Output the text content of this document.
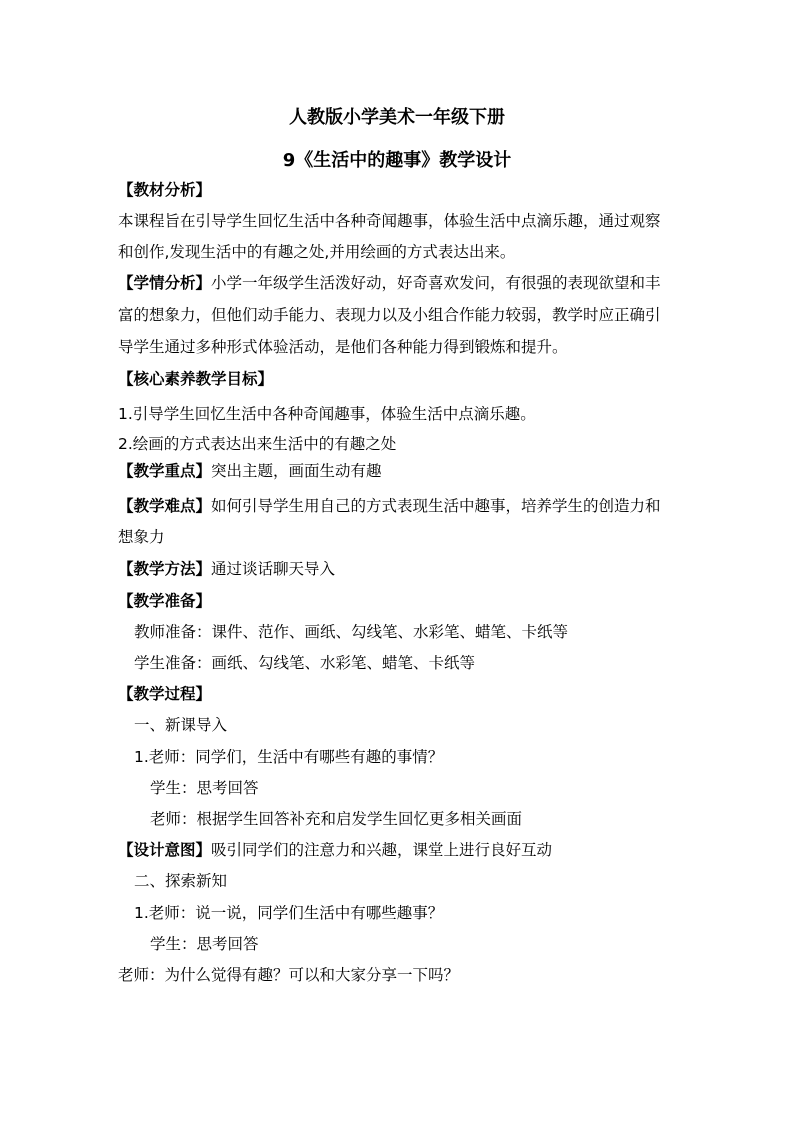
人教版小学美术一年级下册
9《生活中的趣事》教学设计
【教材分析】
本课程旨在引导学生回忆生活中各种奇闻趣事，体验生活中点滴乐趣，通过观察
和创作,发现生活中的有趣之处,并用绘画的方式表达出来。
【学情分析】小学一年级学生活泼好动，好奇喜欢发问，有很强的表现欲望和丰
富的想象力，但他们动手能力、表现力以及小组合作能力较弱，教学时应正确引
导学生通过多种形式体验活动，是他们各种能力得到锻炼和提升。
【核心素养教学目标】
1.引导学生回忆生活中各种奇闻趣事，体验生活中点滴乐趣。
2.绘画的方式表达出来生活中的有趣之处
【教学重点】突出主题，画面生动有趣
【教学难点】如何引导学生用自己的方式表现生活中趣事，培养学生的创造力和
想象力
【教学方法】通过谈话聊天导入
【教学准备】
教师准备：课件、范作、画纸、勾线笔、水彩笔、蜡笔、卡纸等
学生准备：画纸、勾线笔、水彩笔、蜡笔、卡纸等
【教学过程】
一、新课导入
1.老师：同学们，生活中有哪些有趣的事情？
学生：思考回答
老师：根据学生回答补充和启发学生回忆更多相关画面
【设计意图】吸引同学们的注意力和兴趣，课堂上进行良好互动
二、探索新知
1.老师：说一说，同学们生活中有哪些趣事？
学生：思考回答
老师：为什么觉得有趣？可以和大家分享一下吗？
